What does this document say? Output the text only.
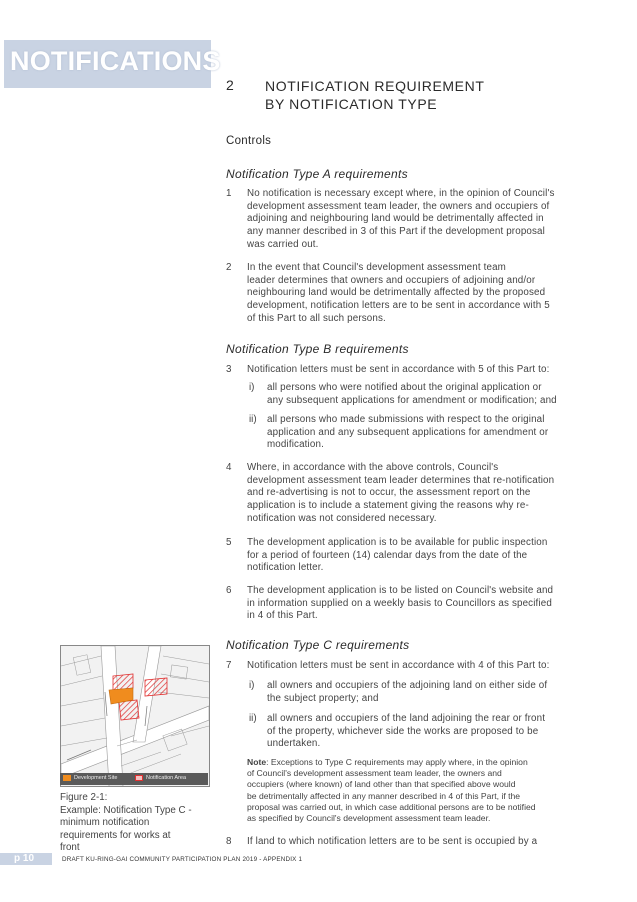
NOTIFICATIONS
2 NOTIFICATION REQUIREMENT
BY NOTIFICATION TYPE
Controls
Notification Type A requirements
1 No notification is necessary except where, in the opinion of Council's
development assessment team leader, the owners and occupiers of
adjoining and neighbouring land would be detrimentally affected in
any manner described in 3 of this Part if the development proposal
was carried out.
2 In the event that Council's development assessment team
leader determines that owners and occupiers of adjoining and/or
neighbouring land would be detrimentally affected by the proposed
development, notification letters are to be sent in accordance with 5
of this Part to all such persons.
Notification Type B requirements
3 Notification letters must be sent in accordance with 5 of this Part to:
i) all persons who were notified about the original application or
any subsequent applications for amendment or modification; and
ii) all persons who made submissions with respect to the original
application and any subsequent applications for amendment or
modification.
4 Where, in accordance with the above controls, Council's
development assessment team leader determines that re-notification
and re-advertising is not to occur, the assessment report on the
application is to include a statement giving the reasons why re-
notification was not considered necessary.
5 The development application is to be available for public inspection
for a period of fourteen (14) calendar days from the date of the
notification letter.
6 The development application is to be listed on Council's website and
in information supplied on a weekly basis to Councillors as specified
in 4 of this Part.
Notification Type C requirements
7 Notification letters must be sent in accordance with 4 of this Part to:
i) all owners and occupiers of the adjoining land on either side of
the subject property; and
ii) all owners and occupiers of the land adjoining the rear or front
of the property, whichever side the works are proposed to be
undertaken.
Note: Exceptions to Type C requirements may apply where, in the opinion
of Council's development assessment team leader, the owners and
occupiers (where known) of land other than that specified above would
be detrimentally affected in any manner described in 4 of this Part, if the
proposal was carried out, in which case additional persons are to be notified
as specified by Council's development assessment team leader.
8 If land to which notification letters are to be sent is occupied by a
Development Site	Notification Area
Figure 2-1:
Example: Notification Type C -
minimum notification
requirements for works at
front
p 10	DRAFT KU-RING-GAI COMMUNITY PARTICIPATION PLAN 2019 - APPENDIX 1
